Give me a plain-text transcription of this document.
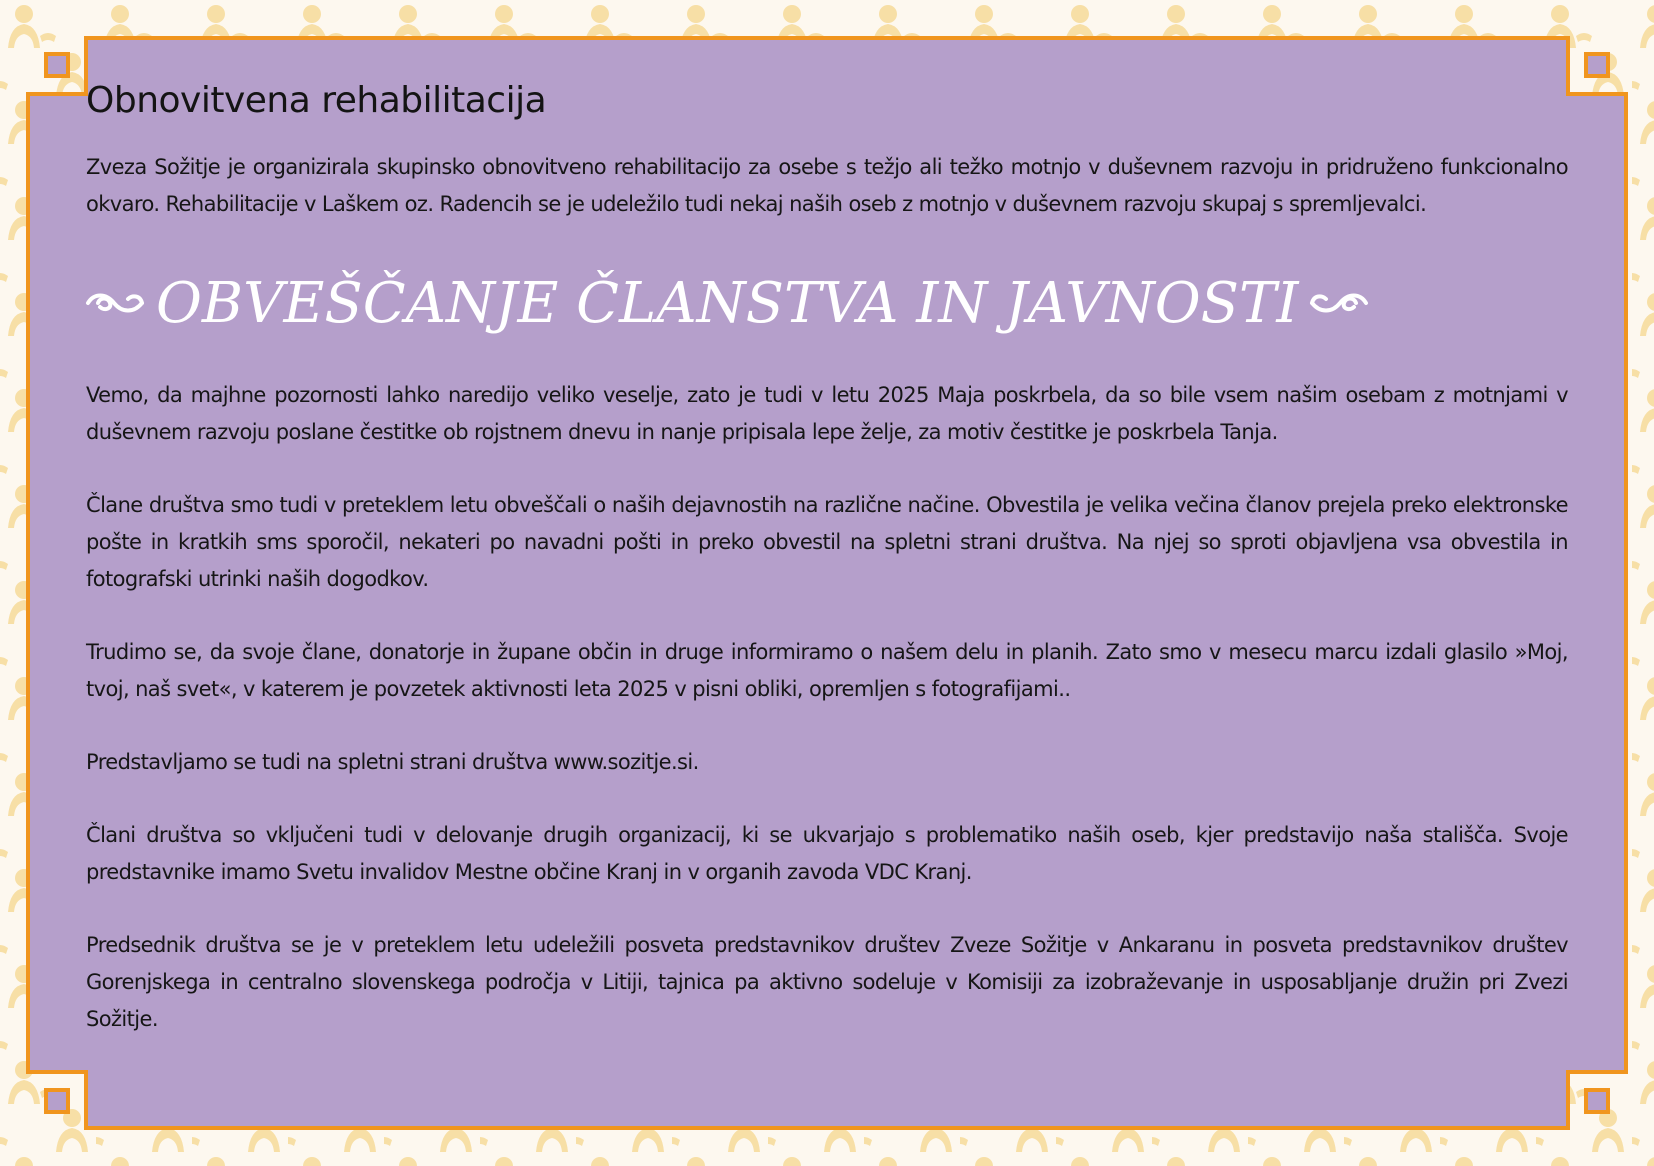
Obnovitvena rehabilitacija

Zveza Sožitje je organizirala skupinsko obnovitveno rehabilitacijo za osebe s težjo ali težko motnjo v duševnem razvoju in pridruženo funkcionalno okvaro. Rehabilitacije v Laškem oz. Radencih se je udeležilo tudi nekaj naših oseb z motnjo v duševnem razvoju skupaj s spremljevalci.

OBVEŠČANJE ČLANSTVA IN JAVNOSTI

Vemo, da majhne pozornosti lahko naredijo veliko veselje, zato je tudi v letu 2025 Maja poskrbela, da so bile vsem našim osebam z motnjami v duševnem razvoju poslane čestitke ob rojstnem dnevu in nanje pripisala lepe želje, za motiv čestitke je poskrbela Tanja.

Člane društva smo tudi v preteklem letu obveščali o naših dejavnostih na različne načine. Obvestila je velika večina članov prejela preko elektronske pošte in kratkih sms sporočil, nekateri po navadni pošti in preko obvestil na spletni strani društva. Na njej so sproti objavljena vsa obvestila in fotografski utrinki naših dogodkov.

Trudimo se, da svoje člane, donatorje in župane občin in druge informiramo o našem delu in planih. Zato smo v mesecu marcu izdali glasilo »Moj, tvoj, naš svet«, v katerem je povzetek aktivnosti leta 2025 v pisni obliki, opremljen s fotografijami..

Predstavljamo se tudi na spletni strani društva www.sozitje.si.

Člani društva so vključeni tudi v delovanje drugih organizacij, ki se ukvarjajo s problematiko naših oseb, kjer predstavijo naša stališča. Svoje predstavnike imamo Svetu invalidov Mestne občine Kranj in v organih zavoda VDC Kranj.

Predsednik društva se je v preteklem letu udeležili posveta predstavnikov društev Zveze Sožitje v Ankaranu in posveta predstavnikov društev Gorenjskega in centralno slovenskega področja v Litiji, tajnica pa aktivno sodeluje v Komisiji za izobraževanje in usposabljanje družin pri Zvezi Sožitje.
